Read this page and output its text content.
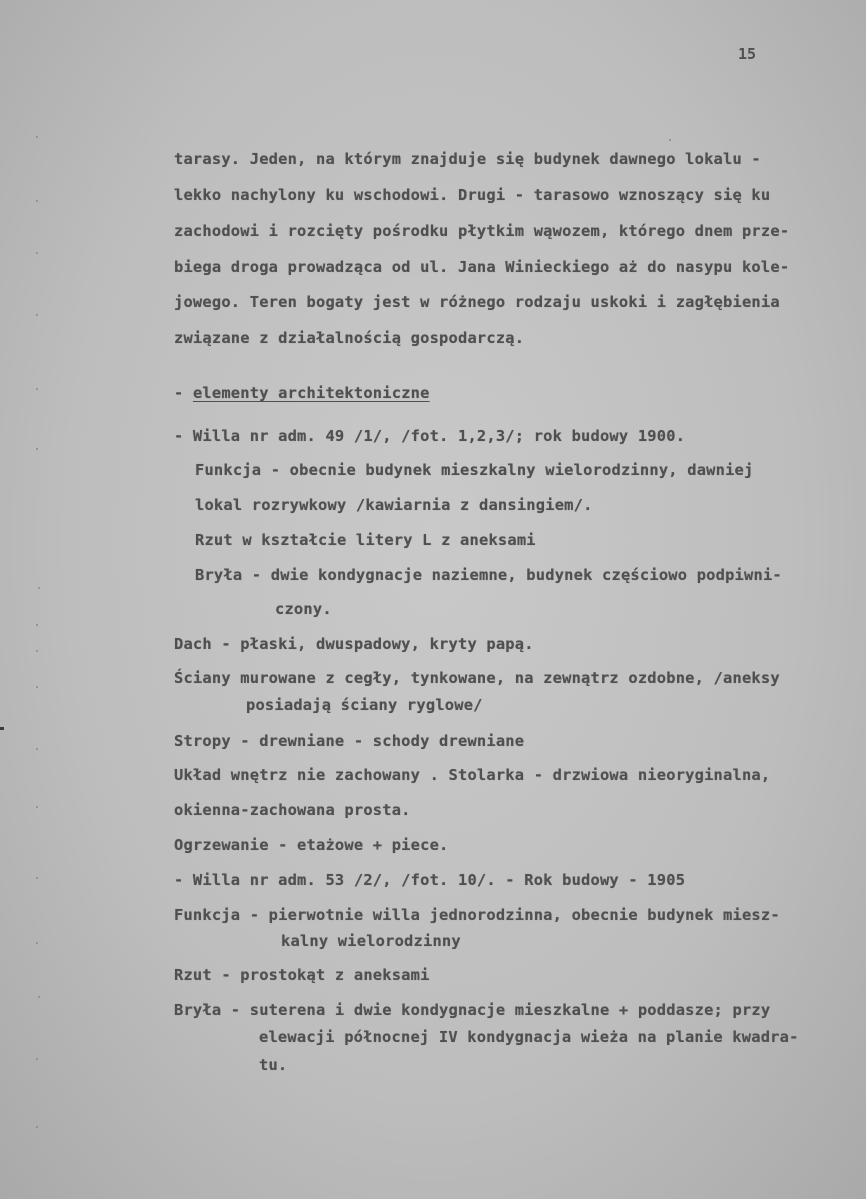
15
tarasy. Jeden, na którym znajduje się budynek dawnego lokalu -
lekko nachylony ku wschodowi. Drugi - tarasowo wznoszący się ku
zachodowi i rozcięty pośrodku płytkim wąwozem, którego dnem prze-
biega droga prowadząca od ul. Jana Winieckiego aż do nasypu kole-
jowego. Teren bogaty jest w różnego rodzaju uskoki i zagłębienia
związane z działalnością gospodarczą.
- elementy architektoniczne
- Willa nr adm. 49 /1/, /fot. 1,2,3/; rok budowy 1900.
Funkcja - obecnie budynek mieszkalny wielorodzinny, dawniej
lokal rozrywkowy /kawiarnia z dansingiem/.
Rzut w kształcie litery L z aneksami
Bryła - dwie kondygnacje naziemne, budynek częściowo podpiwni-
czony.
Dach - płaski, dwuspadowy, kryty papą.
Ściany murowane z cegły, tynkowane, na zewnątrz ozdobne, /aneksy
posiadają ściany ryglowe/
Stropy - drewniane - schody drewniane
Układ wnętrz nie zachowany . Stolarka - drzwiowa nieoryginalna,
okienna-zachowana prosta.
Ogrzewanie - etażowe + piece.
- Willa nr adm. 53 /2/, /fot. 10/. - Rok budowy - 1905
Funkcja - pierwotnie willa jednorodzinna, obecnie budynek miesz-
kalny wielorodzinny
Rzut - prostokąt z aneksami
Bryła - suterena i dwie kondygnacje mieszkalne + poddasze; przy
elewacji północnej IV kondygnacja wieża na planie kwadra-
tu.
